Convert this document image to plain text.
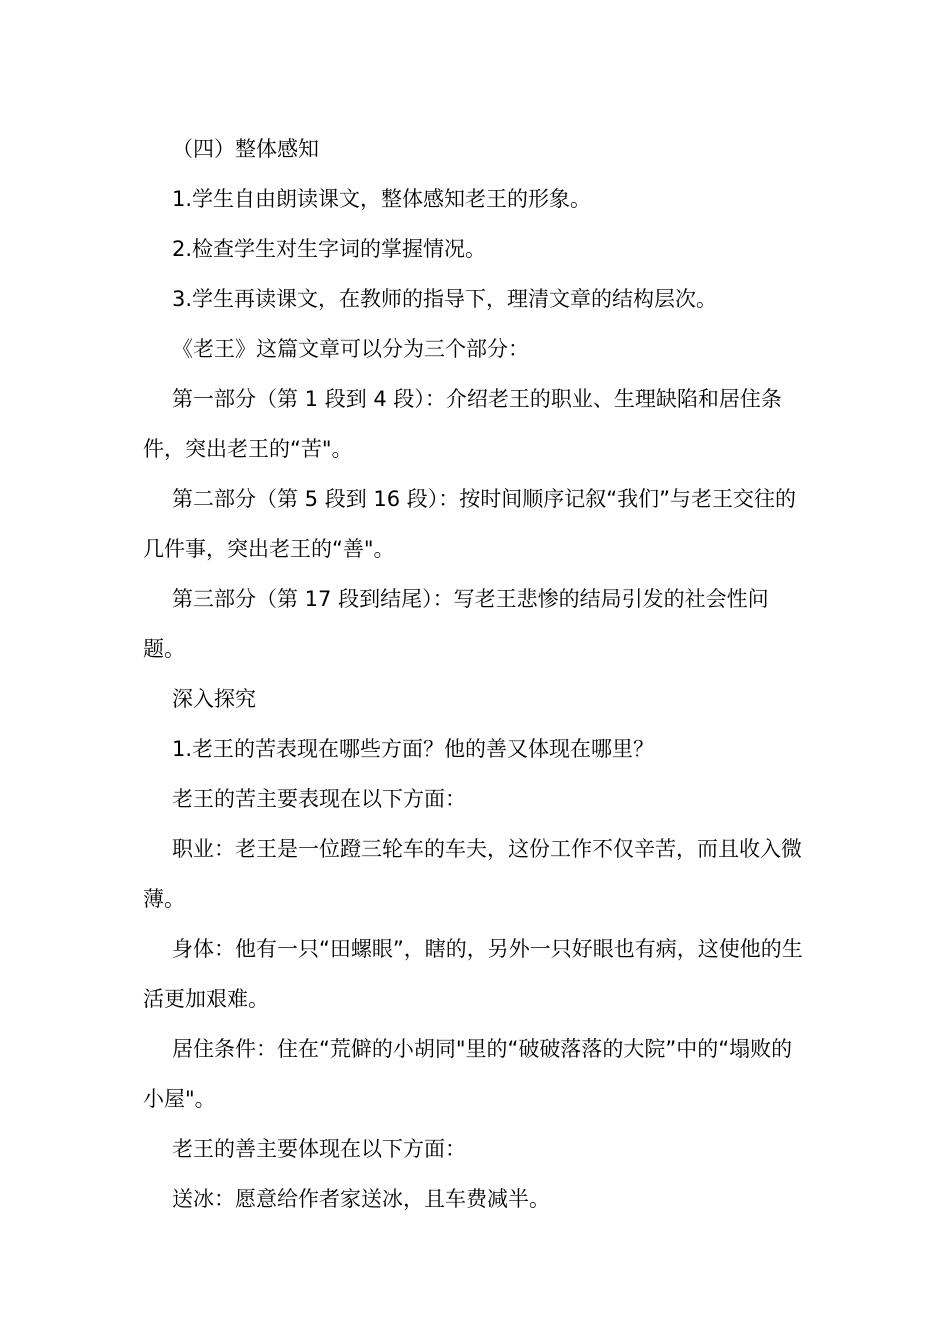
（四）整体感知

1.学生自由朗读课文，整体感知老王的形象。

2.检查学生对生字词的掌握情况。

3.学生再读课文，在教师的指导下，理清文章的结构层次。

《老王》这篇文章可以分为三个部分：

第一部分（第 1 段到 4 段）：介绍老王的职业、生理缺陷和居住条件，突出老王的“苦"。

第二部分（第 5 段到 16 段）：按时间顺序记叙“我们”与老王交往的几件事，突出老王的“善"。

第三部分（第 17 段到结尾）：写老王悲惨的结局引发的社会性问题。

深入探究

1.老王的苦表现在哪些方面？他的善又体现在哪里？

老王的苦主要表现在以下方面：

职业：老王是一位蹬三轮车的车夫，这份工作不仅辛苦，而且收入微薄。

身体：他有一只“田螺眼”，瞎的，另外一只好眼也有病，这使他的生活更加艰难。

居住条件：住在“荒僻的小胡同"里的“破破落落的大院”中的“塌败的小屋"。

老王的善主要体现在以下方面：

送冰：愿意给作者家送冰，且车费减半。
